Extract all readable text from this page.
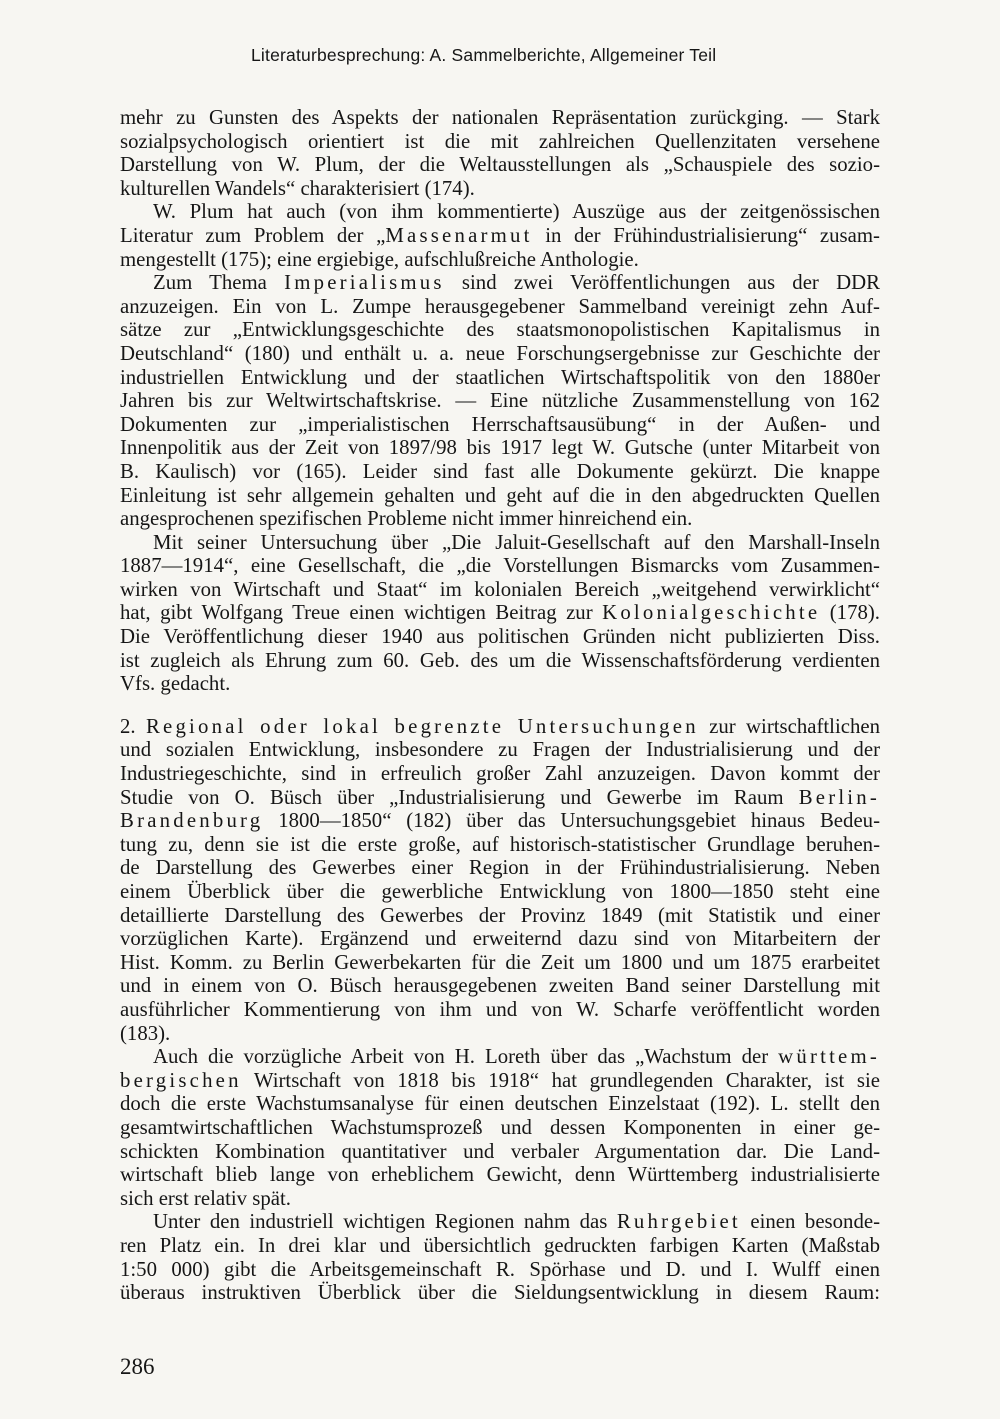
Literaturbesprechung: A. Sammelberichte, Allgemeiner Teil
mehr zu Gunsten des Aspekts der nationalen Repräsentation zurückging. — Stark
sozialpsychologisch orientiert ist die mit zahlreichen Quellenzitaten versehene
Darstellung von W. Plum, der die Weltausstellungen als „Schauspiele des sozio-
kulturellen Wandels“ charakterisiert (174).
W. Plum hat auch (von ihm kommentierte) Auszüge aus der zeitgenössischen
Literatur zum Problem der „Massenarmut in der Frühindustrialisierung“ zusam-
mengestellt (175); eine ergiebige, aufschlußreiche Anthologie.
Zum Thema Imperialismus sind zwei Veröffentlichungen aus der DDR
anzuzeigen. Ein von L. Zumpe herausgegebener Sammelband vereinigt zehn Auf-
sätze zur „Entwicklungsgeschichte des staatsmonopolistischen Kapitalismus in
Deutschland“ (180) und enthält u. a. neue Forschungsergebnisse zur Geschichte der
industriellen Entwicklung und der staatlichen Wirtschaftspolitik von den 1880er
Jahren bis zur Weltwirtschaftskrise. — Eine nützliche Zusammenstellung von 162
Dokumenten zur „imperialistischen Herrschaftsausübung“ in der Außen- und
Innenpolitik aus der Zeit von 1897/98 bis 1917 legt W. Gutsche (unter Mitarbeit von
B. Kaulisch) vor (165). Leider sind fast alle Dokumente gekürzt. Die knappe
Einleitung ist sehr allgemein gehalten und geht auf die in den abgedruckten Quellen
angesprochenen spezifischen Probleme nicht immer hinreichend ein.
Mit seiner Untersuchung über „Die Jaluit-Gesellschaft auf den Marshall-Inseln
1887—1914“, eine Gesellschaft, die „die Vorstellungen Bismarcks vom Zusammen-
wirken von Wirtschaft und Staat“ im kolonialen Bereich „weitgehend verwirklicht“
hat, gibt Wolfgang Treue einen wichtigen Beitrag zur Kolonialgeschichte (178).
Die Veröffentlichung dieser 1940 aus politischen Gründen nicht publizierten Diss.
ist zugleich als Ehrung zum 60. Geb. des um die Wissenschaftsförderung verdienten
Vfs. gedacht.
2. Regional oder lokal begrenzte Untersuchungen zur wirtschaftlichen
und sozialen Entwicklung, insbesondere zu Fragen der Industrialisierung und der
Industriegeschichte, sind in erfreulich großer Zahl anzuzeigen. Davon kommt der
Studie von O. Büsch über „Industrialisierung und Gewerbe im Raum Berlin-
Brandenburg 1800—1850“ (182) über das Untersuchungsgebiet hinaus Bedeu-
tung zu, denn sie ist die erste große, auf historisch-statistischer Grundlage beruhen-
de Darstellung des Gewerbes einer Region in der Frühindustrialisierung. Neben
einem Überblick über die gewerbliche Entwicklung von 1800—1850 steht eine
detaillierte Darstellung des Gewerbes der Provinz 1849 (mit Statistik und einer
vorzüglichen Karte). Ergänzend und erweiternd dazu sind von Mitarbeitern der
Hist. Komm. zu Berlin Gewerbekarten für die Zeit um 1800 und um 1875 erarbeitet
und in einem von O. Büsch herausgegebenen zweiten Band seiner Darstellung mit
ausführlicher Kommentierung von ihm und von W. Scharfe veröffentlicht worden
(183).
Auch die vorzügliche Arbeit von H. Loreth über das „Wachstum der württem-
bergischen Wirtschaft von 1818 bis 1918“ hat grundlegenden Charakter, ist sie
doch die erste Wachstumsanalyse für einen deutschen Einzelstaat (192). L. stellt den
gesamtwirtschaftlichen Wachstumsprozeß und dessen Komponenten in einer ge-
schickten Kombination quantitativer und verbaler Argumentation dar. Die Land-
wirtschaft blieb lange von erheblichem Gewicht, denn Württemberg industrialisierte
sich erst relativ spät.
Unter den industriell wichtigen Regionen nahm das Ruhrgebiet einen besonde-
ren Platz ein. In drei klar und übersichtlich gedruckten farbigen Karten (Maßstab
1:50 000) gibt die Arbeitsgemeinschaft R. Spörhase und D. und I. Wulff einen
überaus instruktiven Überblick über die Sieldungsentwicklung in diesem Raum:
286
